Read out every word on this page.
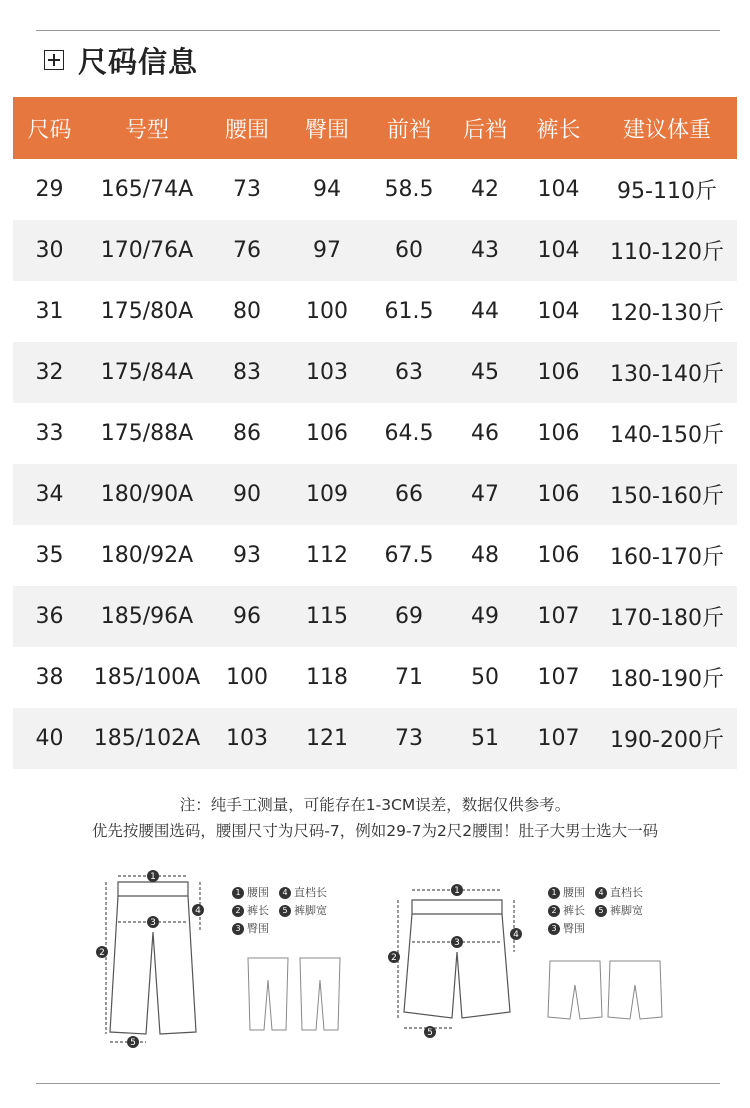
尺码信息
尺码	号型	腰围	臀围	前裆	后裆	裤长	建议体重
29	165/74A	73	94	58.5	42	104	95-110斤
30	170/76A	76	97	60	43	104	110-120斤
31	175/80A	80	100	61.5	44	104	120-130斤
32	175/84A	83	103	63	45	106	130-140斤
33	175/88A	86	106	64.5	46	106	140-150斤
34	180/90A	90	109	66	47	106	150-160斤
35	180/92A	93	112	67.5	48	106	160-170斤
36	185/96A	96	115	69	49	107	170-180斤
38	185/100A	100	118	71	50	107	180-190斤
40	185/102A	103	121	73	51	107	190-200斤
注：纯手工测量，可能存在1-3CM误差，数据仅供参考。
优先按腰围选码，腰围尺寸为尺码-7，例如29-7为2尺2腰围！肚子大男士选大一码
1
2
3
4
5
1 腰围	4 直档长
2 裤长	5 裤脚宽
3 臀围
1
2
3
4
5
1 腰围	4 直档长
2 裤长	5 裤脚宽
3 臀围
